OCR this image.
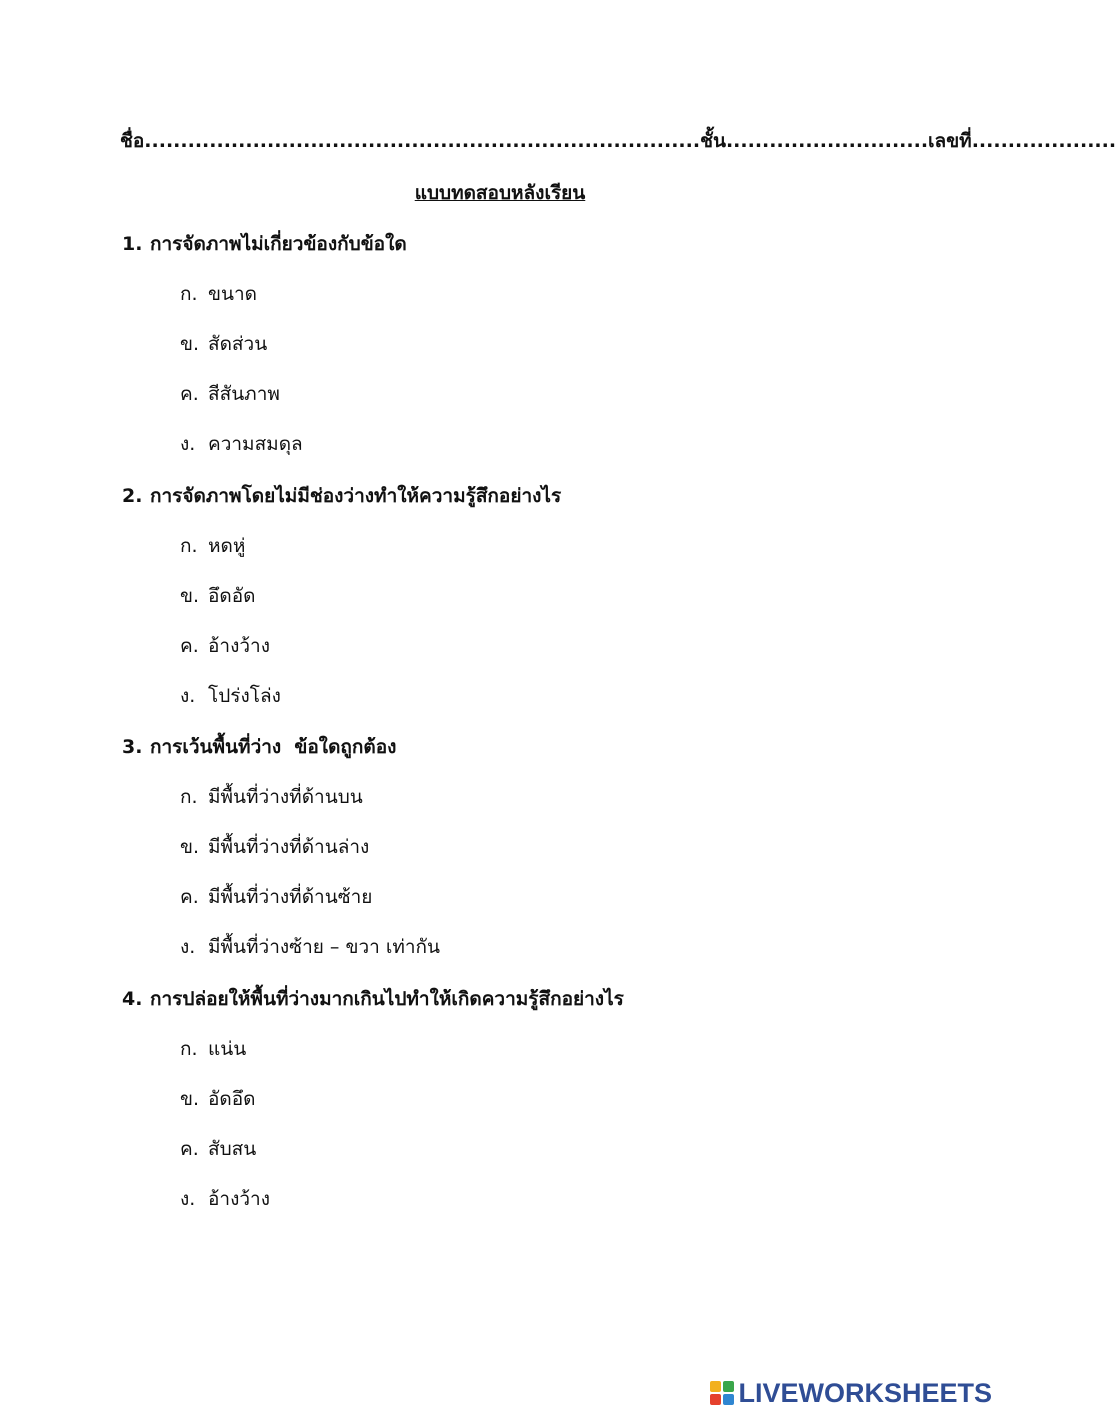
ชื่อ.............................................................................ชั้น............................เลขที่....................
แบบทดสอบหลังเรียน
1. การจัดภาพไม่เกี่ยวข้องกับข้อใด
ก. ขนาด
ข. สัดส่วน
ค. สีสันภาพ
ง. ความสมดุล
2. การจัดภาพโดยไม่มีช่องว่างทำให้ความรู้สึกอย่างไร
ก. หดหู่
ข. อึดอัด
ค. อ้างว้าง
ง. โปร่งโล่ง
3. การเว้นพื้นที่ว่าง  ข้อใดถูกต้อง
ก. มีพื้นที่ว่างที่ด้านบน
ข. มีพื้นที่ว่างที่ด้านล่าง
ค. มีพื้นที่ว่างที่ด้านซ้าย
ง. มีพื้นที่ว่างซ้าย – ขวา เท่ากัน
4. การปล่อยให้พื้นที่ว่างมากเกินไปทำให้เกิดความรู้สึกอย่างไร
ก. แน่น
ข. อัดอึด
ค. สับสน
ง. อ้างว้าง
LIVEWORKSHEETS
